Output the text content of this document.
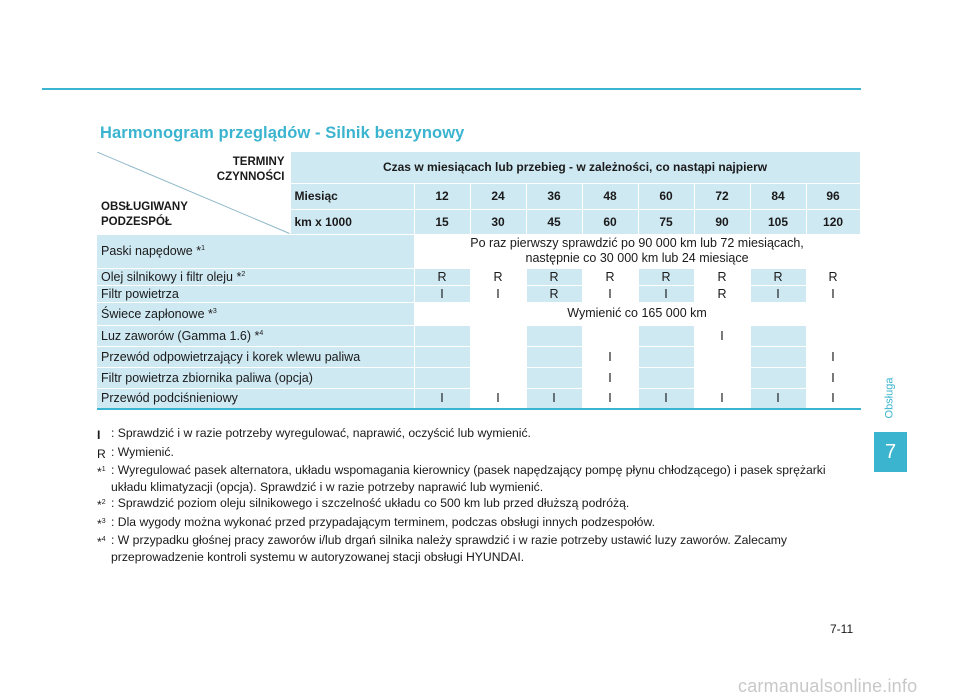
Harmonogram przeglądów - Silnik benzynowy
TERMINY
CZYNNOŚCI
OBSŁUGIWANY
PODZESPÓŁ	Czas w miesiącach lub przebieg - w zależności, co nastąpi najpierw								
	Miesiąc	12	24	36	48	60	72	84	96
	km x 1000	15	30	45	60	75	90	105	120
Paski napędowe *$^1$		Po raz pierwszy sprawdzić po 90 000 km lub 72 miesiącach,
następnie co 30 000 km lub 24 miesiące							

Olej silnikowy i filtr oleju *$^2$		R	R	R	R	R	R	R	R
Filtr powietrza		I	I	R	I	I	R	I	I
Świece zapłonowe *$^3$		Wymienić co 165 000 km							
Luz zaworów (Gamma 1.6) *$^4$							I		
Przewód odpowietrzający i korek wlewu paliwa					I				I
Filtr powietrza zbiornika paliwa (opcja)					I				I
Przewód podciśnieniowy		I	I	I	I	I	I	I	I
I : Sprawdzić i w razie potrzeby wyregulować, naprawić, oczyścić lub wymienić.
R : Wymienić.
*$^1$ : Wyregulować pasek alternatora, układu wspomagania kierownicy (pasek napędzający pompę płynu chłodzącego) i pasek sprężarki układu klimatyzacji (opcja). Sprawdzić i w razie potrzeby naprawić lub wymienić.
*$^2$ : Sprawdzić poziom oleju silnikowego i szczelność układu co 500 km lub przed dłuższą podróżą.
*$^3$ : Dla wygody można wykonać przed przypadającym terminem, podczas obsługi innych podzespołów.
*$^4$ : W przypadku głośnej pracy zaworów i/lub drgań silnika należy sprawdzić i w razie potrzeby ustawić luzy zaworów. Zalecamy przeprowadzenie kontroli systemu w autoryzowanej stacji obsługi HYUNDAI.
Obsługa
7
7-11
carmanualsonline.info
